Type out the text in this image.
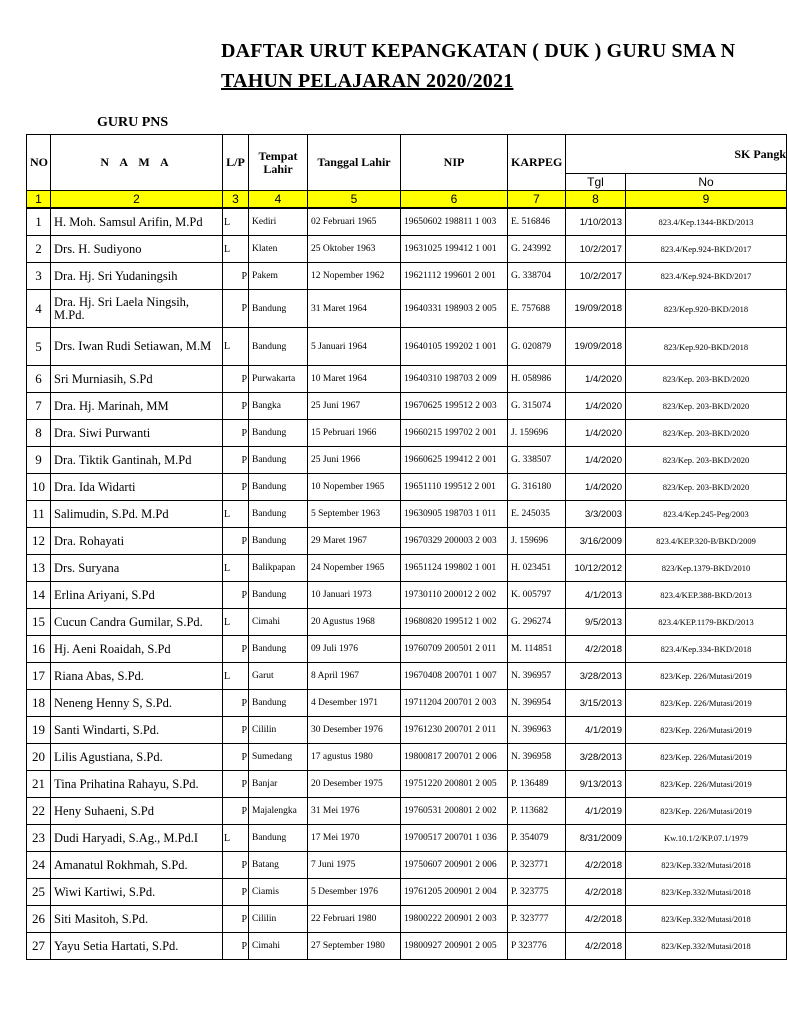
DAFTAR URUT KEPANGKATAN ( DUK ) GURU SMA N
TAHUN PELAJARAN 2020/2021
GURU PNS
NO	N A M A	L/P	Tempat Lahir	Tanggal Lahir	NIP	KARPEG	SK Pangk	
							Tgl	No
1	2	3	4	5	6	7	8	9
1	H. Moh. Samsul Arifin, M.Pd	L	Kediri	02 Februari 1965	19650602 198811 1 003	E. 516846	1/10/2013	823.4/Kep.1344-BKD/2013
2	Drs. H. Sudiyono	L	Klaten	25 Oktober 1963	19631025 199412 1 001	G. 243992	10/2/2017	823.4/Kep.924-BKD/2017
3	Dra. Hj. Sri Yudaningsih	P	Pakem	12 Nopember 1962	19621112 199601 2 001	G. 338704	10/2/2017	823.4/Kep.924-BKD/2017
4	Dra. Hj. Sri Laela Ningsih, M.Pd.	P	Bandung	31 Maret 1964	19640331 198903 2 005	E. 757688	19/09/2018	823/Kep.920-BKD/2018
5	Drs. Iwan Rudi Setiawan, M.M	L	Bandung	5 Januari 1964	19640105 199202 1 001	G. 020879	19/09/2018	823/Kep.920-BKD/2018
6	Sri Murniasih, S.Pd	P	Purwakarta	10 Maret 1964	19640310 198703 2 009	H. 058986	1/4/2020	823/Kep. 203-BKD/2020
7	Dra. Hj. Marinah, MM	P	Bangka	25 Juni 1967	19670625 199512 2 003	G. 315074	1/4/2020	823/Kep. 203-BKD/2020
8	Dra. Siwi Purwanti	P	Bandung	15 Pebruari 1966	19660215 199702 2 001	J. 159696	1/4/2020	823/Kep. 203-BKD/2020
9	Dra. Tiktik Gantinah, M.Pd	P	Bandung	25 Juni 1966	19660625 199412 2 001	G. 338507	1/4/2020	823/Kep. 203-BKD/2020
10	Dra. Ida Widarti	P	Bandung	10 Nopember 1965	19651110 199512 2 001	G. 316180	1/4/2020	823/Kep. 203-BKD/2020
11	Salimudin, S.Pd. M.Pd	L	Bandung	5 September 1963	19630905 198703 1 011	E. 245035	3/3/2003	823.4/Kep.245-Peg/2003
12	Dra. Rohayati	P	Bandung	29 Maret 1967	19670329 200003 2 003	J. 159696	3/16/2009	823.4/KEP.320-B/BKD/2009
13	Drs. Suryana	L	Balikpapan	24 Nopember 1965	19651124 199802 1 001	H. 023451	10/12/2012	823/Kep.1379-BKD/2010
14	Erlina Ariyani, S.Pd	P	Bandung	10 Januari 1973	19730110 200012 2 002	K. 005797	4/1/2013	823.4/KEP.388-BKD/2013
15	Cucun Candra Gumilar, S.Pd.	L	Cimahi	20 Agustus 1968	19680820 199512 1 002	G. 296274	9/5/2013	823.4/KEP.1179-BKD/2013
16	Hj. Aeni Roaidah, S.Pd	P	Bandung	09 Juli 1976	19760709 200501 2 011	M. 114851	4/2/2018	823.4/Kep.334-BKD/2018
17	Riana Abas, S.Pd.	L	Garut	8 April 1967	19670408 200701 1 007	N. 396957	3/28/2013	823/Kep. 226/Mutasi/2019
18	Neneng Henny S, S.Pd.	P	Bandung	4 Desember 1971	19711204 200701 2 003	N. 396954	3/15/2013	823/Kep. 226/Mutasi/2019
19	Santi Windarti, S.Pd.	P	Cililin	30 Desember 1976	19761230 200701 2 011	N. 396963	4/1/2019	823/Kep. 226/Mutasi/2019
20	Lilis Agustiana, S.Pd.	P	Sumedang	17 agustus 1980	19800817 200701 2 006	N. 396958	3/28/2013	823/Kep. 226/Mutasi/2019
21	Tina Prihatina Rahayu, S.Pd.	P	Banjar	20 Desember 1975	19751220 200801 2 005	P. 136489	9/13/2013	823/Kep. 226/Mutasi/2019
22	Heny Suhaeni, S.Pd	P	Majalengka	31 Mei 1976	19760531 200801 2 002	P. 113682	4/1/2019	823/Kep. 226/Mutasi/2019
23	Dudi Haryadi, S.Ag., M.Pd.I	L	Bandung	17 Mei 1970	19700517 200701 1 036	P. 354079	8/31/2009	Kw.10.1/2/KP.07.1/1979
24	Amanatul Rokhmah, S.Pd.	P	Batang	7 Juni 1975	19750607 200901 2 006	P. 323771	4/2/2018	823/Kep.332/Mutasi/2018
25	Wiwi Kartiwi, S.Pd.	P	Ciamis	5 Desember 1976	19761205 200901 2 004	P. 323775	4/2/2018	823/Kep.332/Mutasi/2018
26	Siti Masitoh, S.Pd.	P	Cililin	22 Februari 1980	19800222 200901 2 003	P. 323777	4/2/2018	823/Kep.332/Mutasi/2018
27	Yayu Setia Hartati, S.Pd.	P	Cimahi	27 September 1980	19800927 200901 2 005	P 323776	4/2/2018	823/Kep.332/Mutasi/2018
